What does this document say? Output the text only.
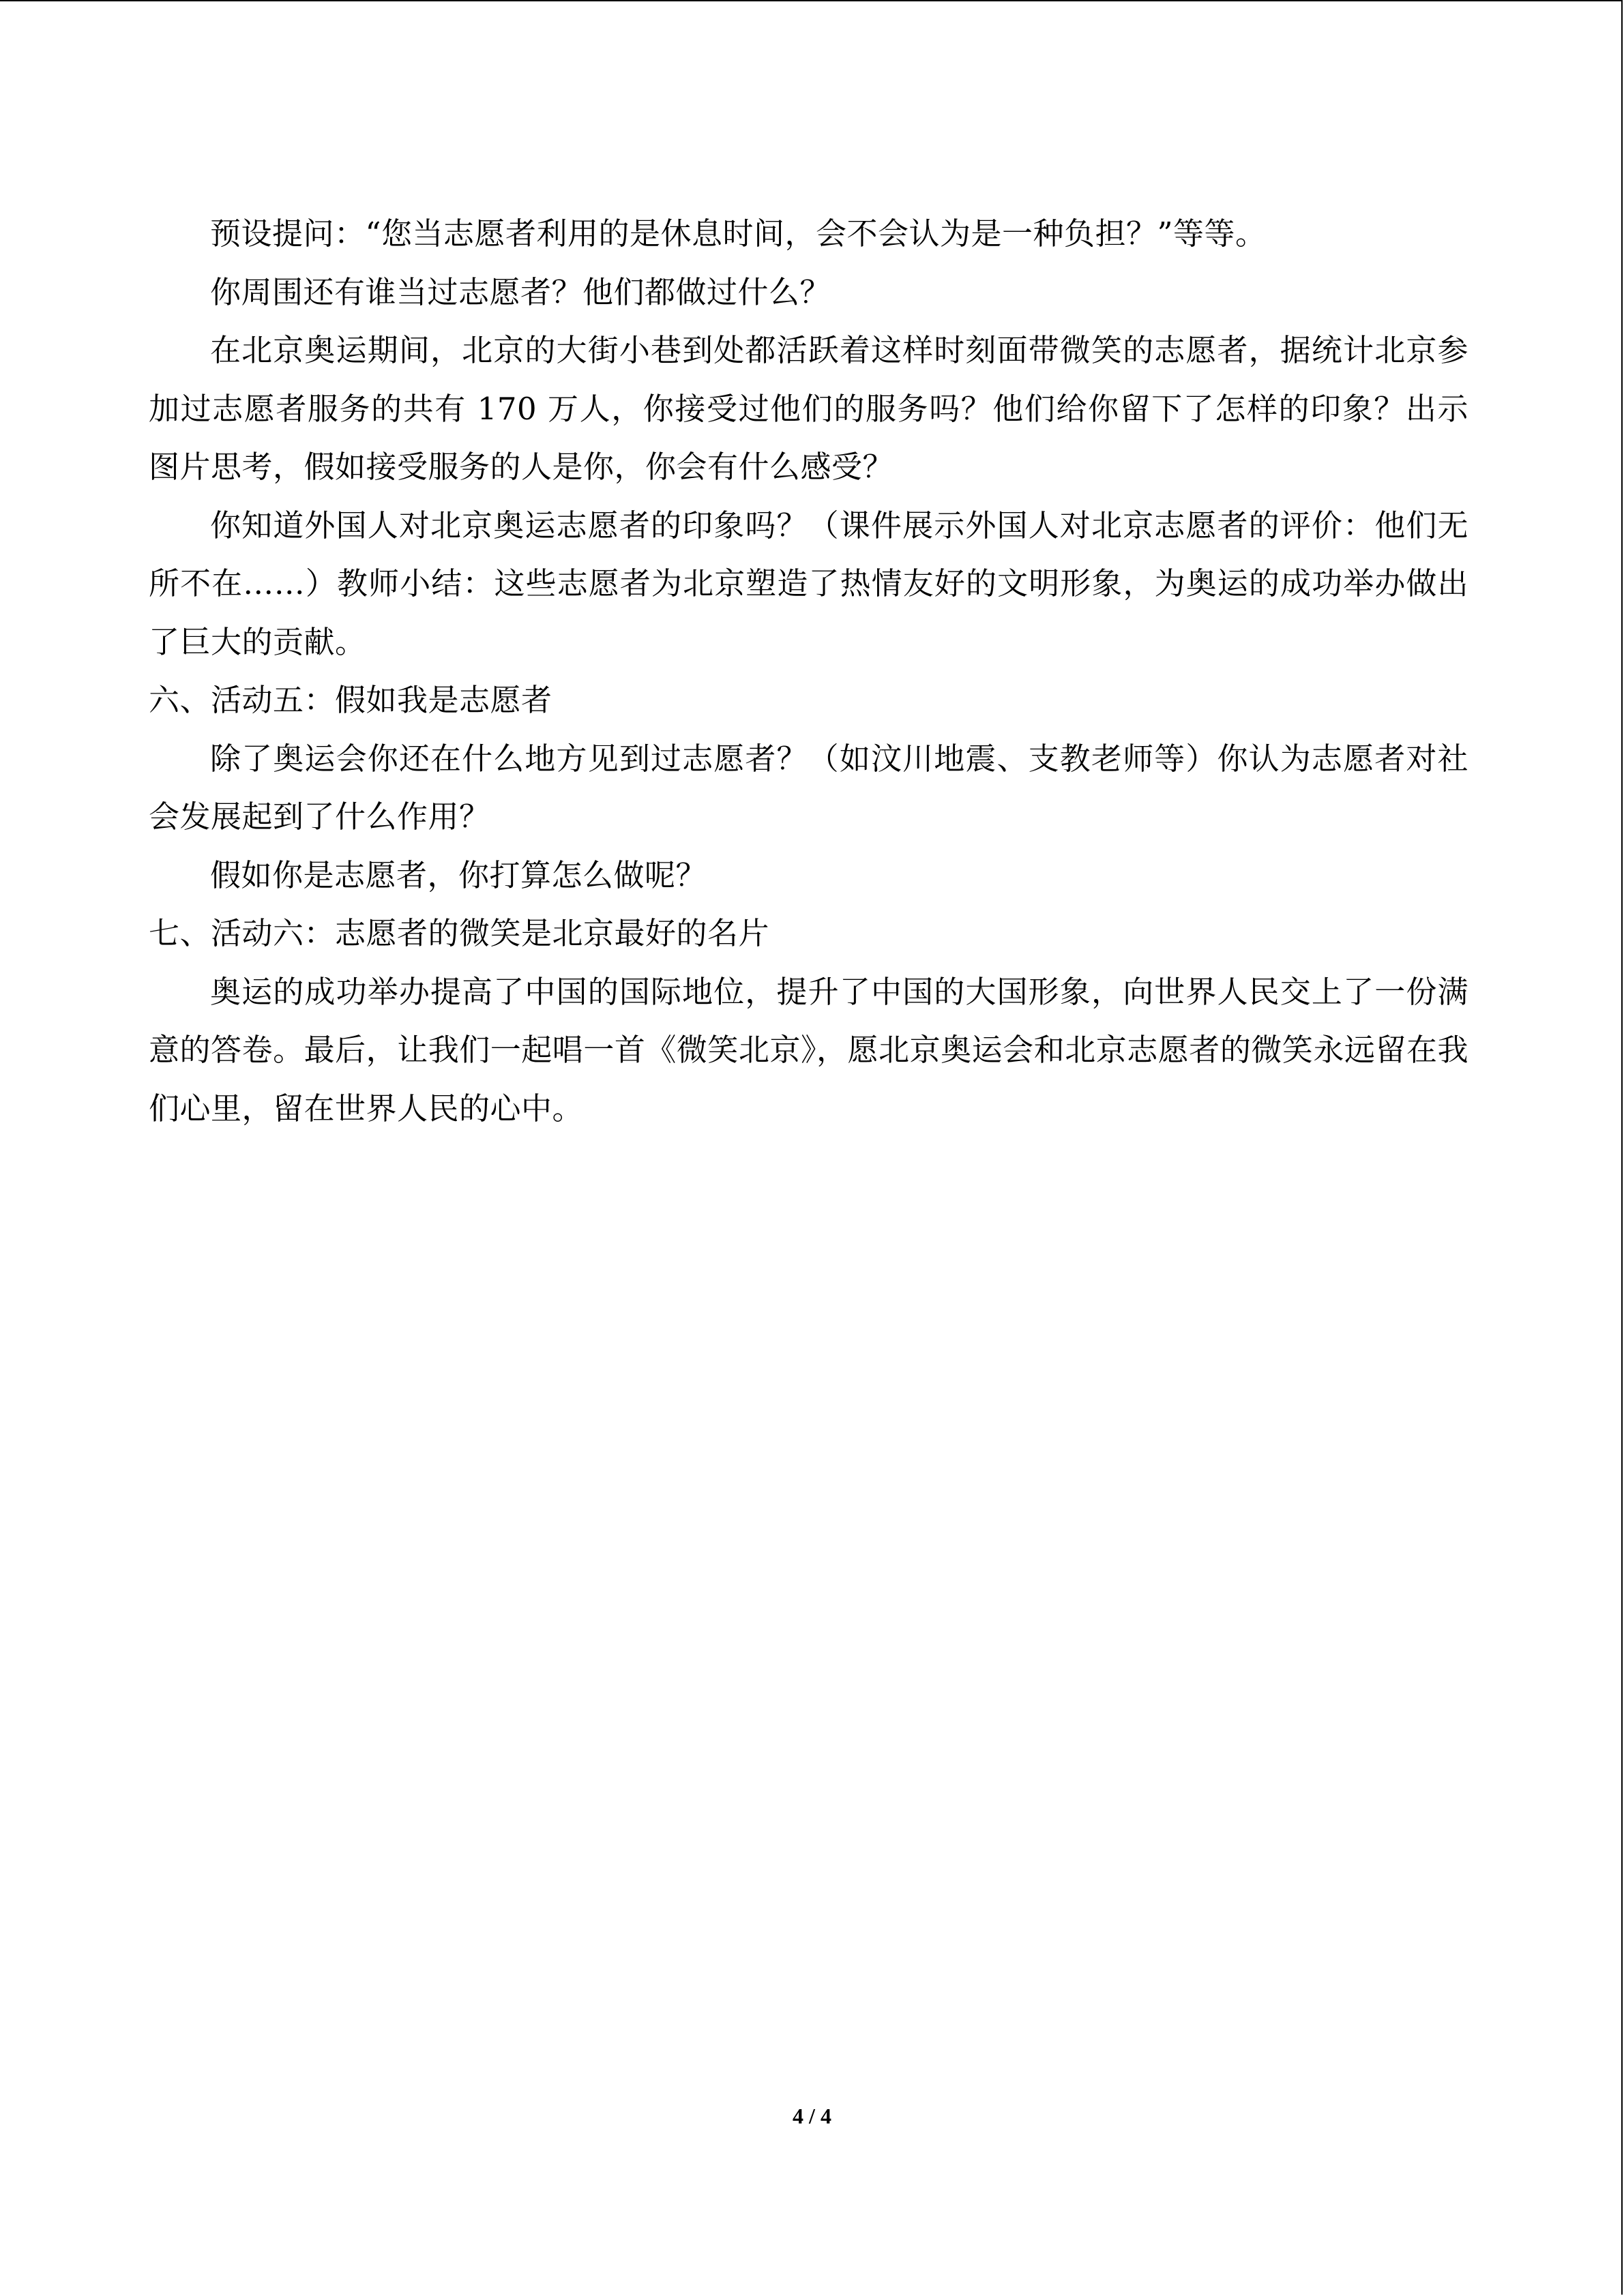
预设提问：“您当志愿者利用的是休息时间，会不会认为是一种负担？”等等。

你周围还有谁当过志愿者？他们都做过什么？

在北京奥运期间，北京的大街小巷到处都活跃着这样时刻面带微笑的志愿者，据统计北京参加过志愿者服务的共有 170 万人，你接受过他们的服务吗？他们给你留下了怎样的印象？出示图片思考，假如接受服务的人是你，你会有什么感受？

你知道外国人对北京奥运志愿者的印象吗？（课件展示外国人对北京志愿者的评价：他们无所不在……）教师小结：这些志愿者为北京塑造了热情友好的文明形象，为奥运的成功举办做出了巨大的贡献。

六、活动五：假如我是志愿者

除了奥运会你还在什么地方见到过志愿者？（如汶川地震、支教老师等）你认为志愿者对社会发展起到了什么作用？

假如你是志愿者，你打算怎么做呢？

七、活动六：志愿者的微笑是北京最好的名片

奥运的成功举办提高了中国的国际地位，提升了中国的大国形象，向世界人民交上了一份满意的答卷。最后，让我们一起唱一首《微笑北京》，愿北京奥运会和北京志愿者的微笑永远留在我们心里，留在世界人民的心中。

4 / 4
